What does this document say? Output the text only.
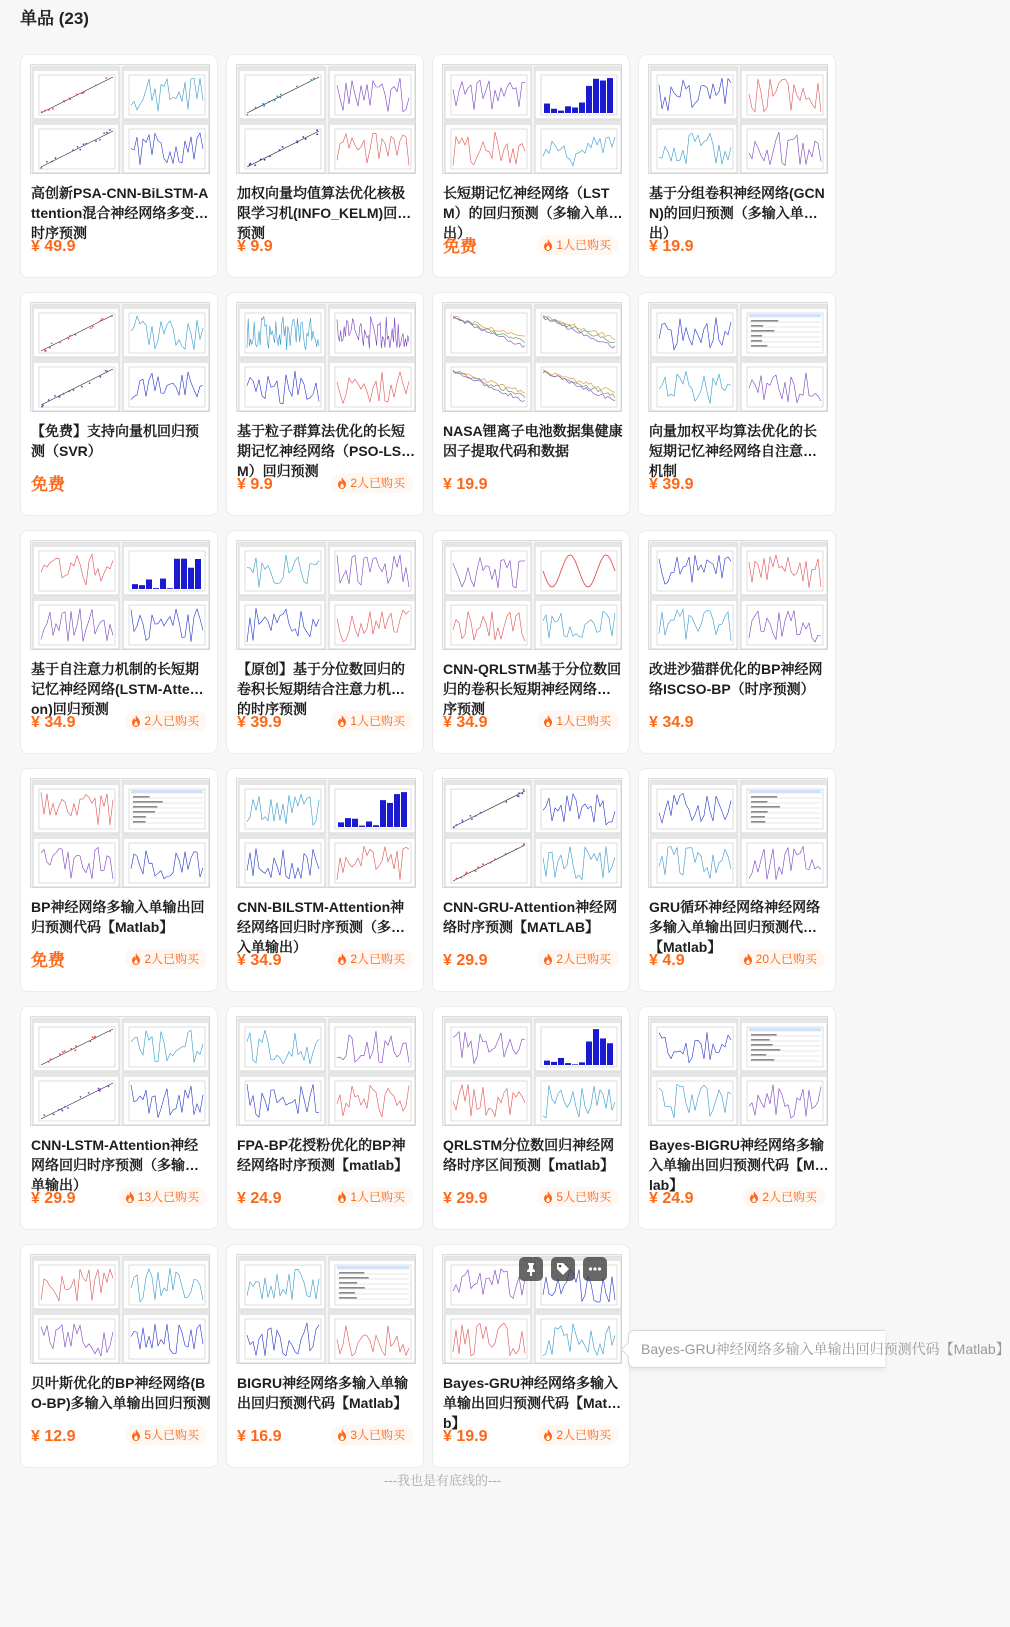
单品 (23)
高创新PSA-CNN-BiLSTM-Attention混合神经网络多变量时序预测
¥ 49.9
加权向量均值算法优化核极限学习机(INFO_KELM)回归预测
¥ 9.9
长短期记忆神经网络（LSTM）的回归预测（多输入单输出）
免费	1人已购买
基于分组卷积神经网络(GCNN)的回归预测（多输入单输出）
¥ 19.9
【免费】支持向量机回归预测（SVR）
免费
基于粒子群算法优化的长短期记忆神经网络（PSO-LSTM）回归预测
¥ 9.9	2人已购买
NASA锂离子电池数据集健康因子提取代码和数据
¥ 19.9
向量加权平均算法优化的长短期记忆神经网络自注意力机制
¥ 39.9
基于自注意力机制的长短期记忆神经网络(LSTM-Attention)回归预测
¥ 34.9	2人已购买
【原创】基于分位数回归的卷积长短期结合注意力机制的时序预测
¥ 39.9	1人已购买
CNN-QRLSTM基于分位数回归的卷积长短期神经网络时序预测
¥ 34.9	1人已购买
改进沙猫群优化的BP神经网络ISCSO-BP（时序预测）
¥ 34.9
BP神经网络多输入单输出回归预测代码【Matlab】
免费	2人已购买
CNN-BILSTM-Attention神经网络回归时序预测（多输入单输出）
¥ 34.9	2人已购买
CNN-GRU-Attention神经网络时序预测【MATLAB】
¥ 29.9	2人已购买
GRU循环神经网络神经网络多输入单输出回归预测代码【Matlab】
¥ 4.9	20人已购买
CNN-LSTM-Attention神经网络回归时序预测（多输入单输出）
¥ 29.9	13人已购买
FPA-BP花授粉优化的BP神经网络时序预测【matlab】
¥ 24.9	1人已购买
QRLSTM分位数回归神经网络时序区间预测【matlab】
¥ 29.9	5人已购买
Bayes-BIGRU神经网络多输入单输出回归预测代码【Matlab】
¥ 24.9	2人已购买
贝叶斯优化的BP神经网络(BO-BP)多输入单输出回归预测
¥ 12.9	5人已购买
BIGRU神经网络多输入单输出回归预测代码【Matlab】
¥ 16.9	3人已购买
Bayes-GRU神经网络多输入单输出回归预测代码【Matlab】
¥ 19.9	2人已购买
Bayes-GRU神经网络多输入单输出回归预测代码【Matlab】
---我也是有底线的---
